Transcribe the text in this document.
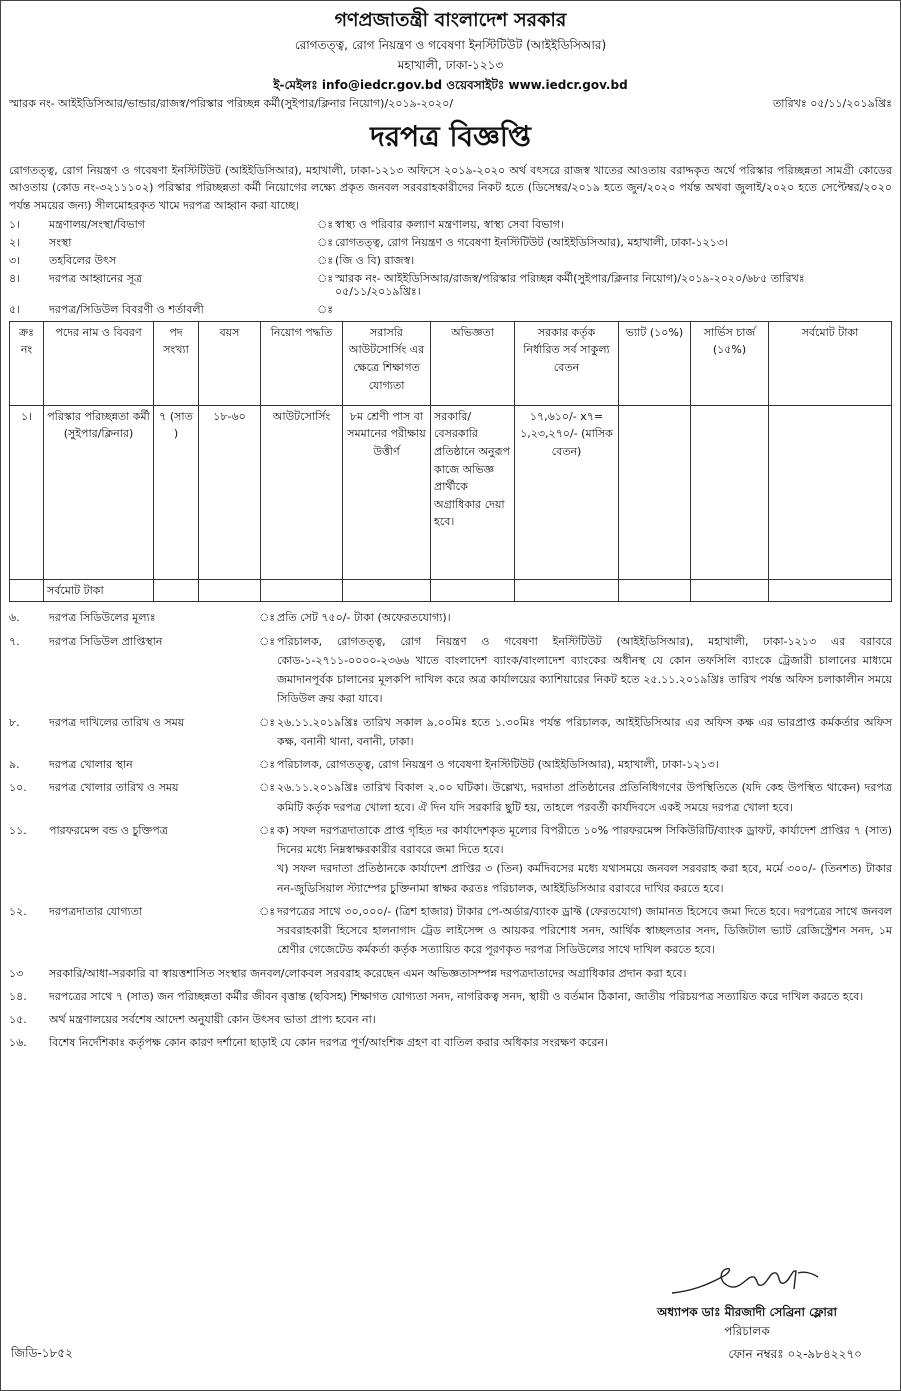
গণপ্রজাতন্ত্রী বাংলাদেশ সরকার
রোগতত্ত্ব, রোগ নিয়ন্ত্রণ ও গবেষণা ইনস্টিটিউট (আইইডিসিআর)
মহাখালী, ঢাকা-১২১৩
ই-মেইলঃ info@iedcr.gov.bd ওয়েবসাইটঃ www.iedcr.gov.bd
স্মারক নং- আইইডিসিআর/ভান্ডার/রাজস্ব/পরিস্কার পরিচ্ছন্ন কর্মী(সুইপার/ক্লিনার নিয়োগ)/২০১৯-২০২০/	তারিখঃ ০৫/১১/২০১৯খ্রিঃ
দরপত্র বিজ্ঞপ্তি
রোগতত্ত্ব, রোগ নিয়ন্ত্রণ ও গবেষণা ইনস্টিটিউট (আইইডিসিআর), মহাখালী, ঢাকা-১২১৩ অফিসে ২০১৯-২০২০ অর্থ বৎসরে রাজস্ব খাতের আওতায় বরাদ্দকৃত অর্থে পরিস্কার পরিচ্ছন্নতা সামগ্রী কোডের আওতায় (কোড নং-৩২১১১০২) পরিস্কার পরিচ্ছন্নতা কর্মী নিয়োগের লক্ষ্যে প্রকৃত জনবল সরবরাহকারীদের নিকট হতে (ডিসেম্বর/২০১৯ হতে জুন/২০২০ পর্যন্ত অথবা জুলাই/২০২০ হতে সেপ্টেম্বর/২০২০ পর্যন্ত সময়ের জন্য) সীলমোহরকৃত খামে দরপত্র আহ্বান করা যাচ্ছে।
১।	মন্ত্রণালয়/সংস্থা/বিভাগ	ঃ স্বাস্থ্য ও পরিবার কল্যাণ মন্ত্রণালয়, স্বাস্থ্য সেবা বিভাগ।
২।	সংস্থা	ঃ রোগতত্ত্ব, রোগ নিয়ন্ত্রণ ও গবেষণা ইনস্টিটিউট (আইইডিসিআর), মহাখালী, ঢাকা-১২১৩।
৩।	তহবিলের উৎস	ঃ (জি ও বি) রাজস্ব।
৪।	দরপত্র আহ্বানের সূত্র	ঃ স্মারক নং- আইইডিসিআর/রাজস্ব/পরিস্কার পরিচ্ছন্ন কর্মী(সুইপার/ক্লিনার নিয়োগ)/২০১৯-২০২০/৬৮৫ তারিখঃ ০৫/১১/২০১৯খ্রিঃ।
৫।	দরপত্র/সিডিউল বিবরণী ও শর্তাবলী	ঃ
ক্রঃ নং	পদের নাম ও বিবরণ	পদ সংখ্যা	বয়স	নিয়োগ পদ্ধতি	সরাসরি আউটসোর্সিং এর ক্ষেত্রে শিক্ষাগত যোগ্যতা	অভিজ্ঞতা	সরকার কর্তৃক নির্ধারিত সর্ব সাকুল্য বেতন	ভ্যাট (১০%)	সার্ভিস চার্জ (১৫%)	সর্বমোট টাকা
১।	পরিস্কার পরিচ্ছন্নতা কর্মী (সুইপার/ক্লিনার)	৭ (সাত )	১৮-৬০	আউটসোর্সিং	৮ম শ্রেণী পাস বা সমমানের পরীক্ষায় উত্তীর্ণ	সরকারি/ বেসরকারি প্রতিষ্ঠানে অনুরূপ কাজে অভিজ্ঞ প্রার্থীকে অগ্রাধিকার দেয়া হবে।	১৭,৬১০/- x৭= ১,২৩,২৭০/- (মাসিক বেতন)			
	সর্বমোট টাকা									
৬.	দরপত্র সিডিউলের মূল্যঃ	ঃ প্রতি সেট ৭৫০/- টাকা (অফেরতযোগ্য)।
৭.	দরপত্র সিডিউল প্রাপ্তিস্থান	ঃ পরিচালক, রোগতত্ত্ব, রোগ নিয়ন্ত্রণ ও গবেষণা ইনস্টিটিউট (আইইডিসিআর), মহাখালী, ঢাকা-১২১৩ এর বরাবরে কোড-১-২৭১১-০০০০-২৩৬৬ খাতে বাংলাদেশ ব্যাংক/বাংলাদেশ ব্যাংকের অধীনস্থ যে কোন তফসিলি ব্যাংকে ট্রেজারী চালানের মাধ্যমে জমাদানপূর্বক চালানের মূলকপি দাখিল করে অত্র কার্যালয়ের ক্যাশিয়ারের নিকট হতে ২৫.১১.২০১৯খ্রিঃ তারিখ পর্যন্ত অফিস চলাকালীন সময়ে সিডিউল ক্রয় করা যাবে।
৮.	দরপত্র দাখিলের তারিখ ও সময়	ঃ ২৬.১১.২০১৯খ্রিঃ তারিখ সকাল ৯.০০মিঃ হতে ১.৩০মিঃ পর্যন্ত পরিচালক, আইইডিসিআর এর অফিস কক্ষ এর ভারপ্রাপ্ত কর্মকর্তার অফিস কক্ষ, বনানী থানা, বনানী, ঢাকা।
৯.	দরপত্র খোলার স্থান	ঃ পরিচালক, রোগতত্ত্ব, রোগ নিয়ন্ত্রণ ও গবেষণা ইনস্টিটিউট (আইইডিসিআর), মহাখালী, ঢাকা-১২১৩।
১০.	দরপত্র খোলার তারিখ ও সময়	ঃ ২৬.১১.২০১৯খ্রিঃ তারিখ বিকাল ২.০০ ঘটিকা। উল্লেখ্য, দরদাতা প্রতিষ্ঠানের প্রতিনিধিগণের উপস্থিতিতে (যদি কেহ উপস্থিত থাকেন) দরপত্র কমিটি কর্তৃক দরপত্র খোলা হবে। ঐ দিন যদি সরকারি ছুটি হয়, তাহলে পরবর্তী কার্যদিবসে একই সময়ে দরপত্র খোলা হবে।
১১.	পারফরমেন্স বন্ড ও চুক্তিপত্র	ঃ ক) সফল দরপত্রদাতাকে প্রাপ্ত গৃহিত দর কার্যাদেশকৃত মূল্যের বিপরীতে ১০% পারফরমেন্স সিকিউরিটি/ব্যাংক ড্রাফট, কার্যাদেশ প্রাপ্তির ৭ (সাত) দিনের মধ্যে নিম্নস্বাক্ষরকারীর বরাবরে জমা দিতে হবে।
খ) সফল দরদাতা প্রতিষ্ঠানকে কার্যাদেশ প্রাপ্তির ৩ (তিন) কর্মদিবসের মধ্যে যথাসময়ে জনবল সরবরাহ করা হবে, মর্মে ৩০০/- (তিনশত) টাকার নন-জুডিসিয়াল স্ট্যাম্পের চুক্তিনামা স্বাক্ষর করতঃ পরিচালক, আইইডিসিআর বরাবরে দাখির করতে হবে।
১২.	দরপত্রদাতার যোগ্যতা	ঃ দরপত্রের সাথে ৩০,০০০/- (ত্রিশ হাজার) টাকার পে-অর্ডার/ব্যাংক ড্রাফ্ট (ফেরতযোগ) জামানত হিসেবে জমা দিতে হবে। দরপত্রের সাথে জনবল সরবরাহকারী হিসেবে হালনাগাদ ট্রেড লাইসেন্স ও আয়কর পরিশোধ সনদ, আর্থিক স্বাচ্ছলতার সনদ, ডিজিটাল ভ্যাট রেজিস্ট্রেশন সনদ, ১ম শ্রেণীর গেজেটেড কর্মকর্তা কর্তৃক সত্যায়িত করে পূরণকৃত দরপত্র সিডিউলের সাথে দাখিল করতে হবে।
১৩	সরকারি/আধা-সরকারি বা স্বায়ত্তশাসিত সংস্থার জনবল/লোকবল সরবরাহ করেছেন এমন অভিজ্ঞতাসম্পন্ন দরপত্রদাতাদের অগ্রাধিকার প্রদান করা হবে।
১৪.	দরপত্রের সাথে ৭ (সাত) জন পরিচ্ছন্নতা কর্মীর জীবন বৃত্তান্ত (ছবিসহ) শিক্ষাগত যোগ্যতা সনদ, নাগরিকত্ব সনদ, স্থায়ী ও বর্তমান ঠিকানা, জাতীয় পরিচয়পত্র সত্যায়িত করে দাখিল করতে হবে।
১৫.	অর্থ মন্ত্রণালয়ের সর্বশেষ আদেশ অনুযায়ী কোন উৎসব ভাতা প্রাপ্য হবেন না।
১৬.	বিশেষ নির্দেশিকাঃ কর্তৃপক্ষ কোন কারণ দর্শানো ছাড়াই যে কোন দরপত্র পূর্ণ/আংশিক গ্রহণ বা বাতিল করার অধিকার সংরক্ষণ করেন।
অধ্যাপক ডাঃ মীরজাদী সেব্রিনা ফ্লোরা
পরিচালক
জিডি-১৮৫২	ফোন নম্বরঃ ০২-৯৮৪২২৭০
